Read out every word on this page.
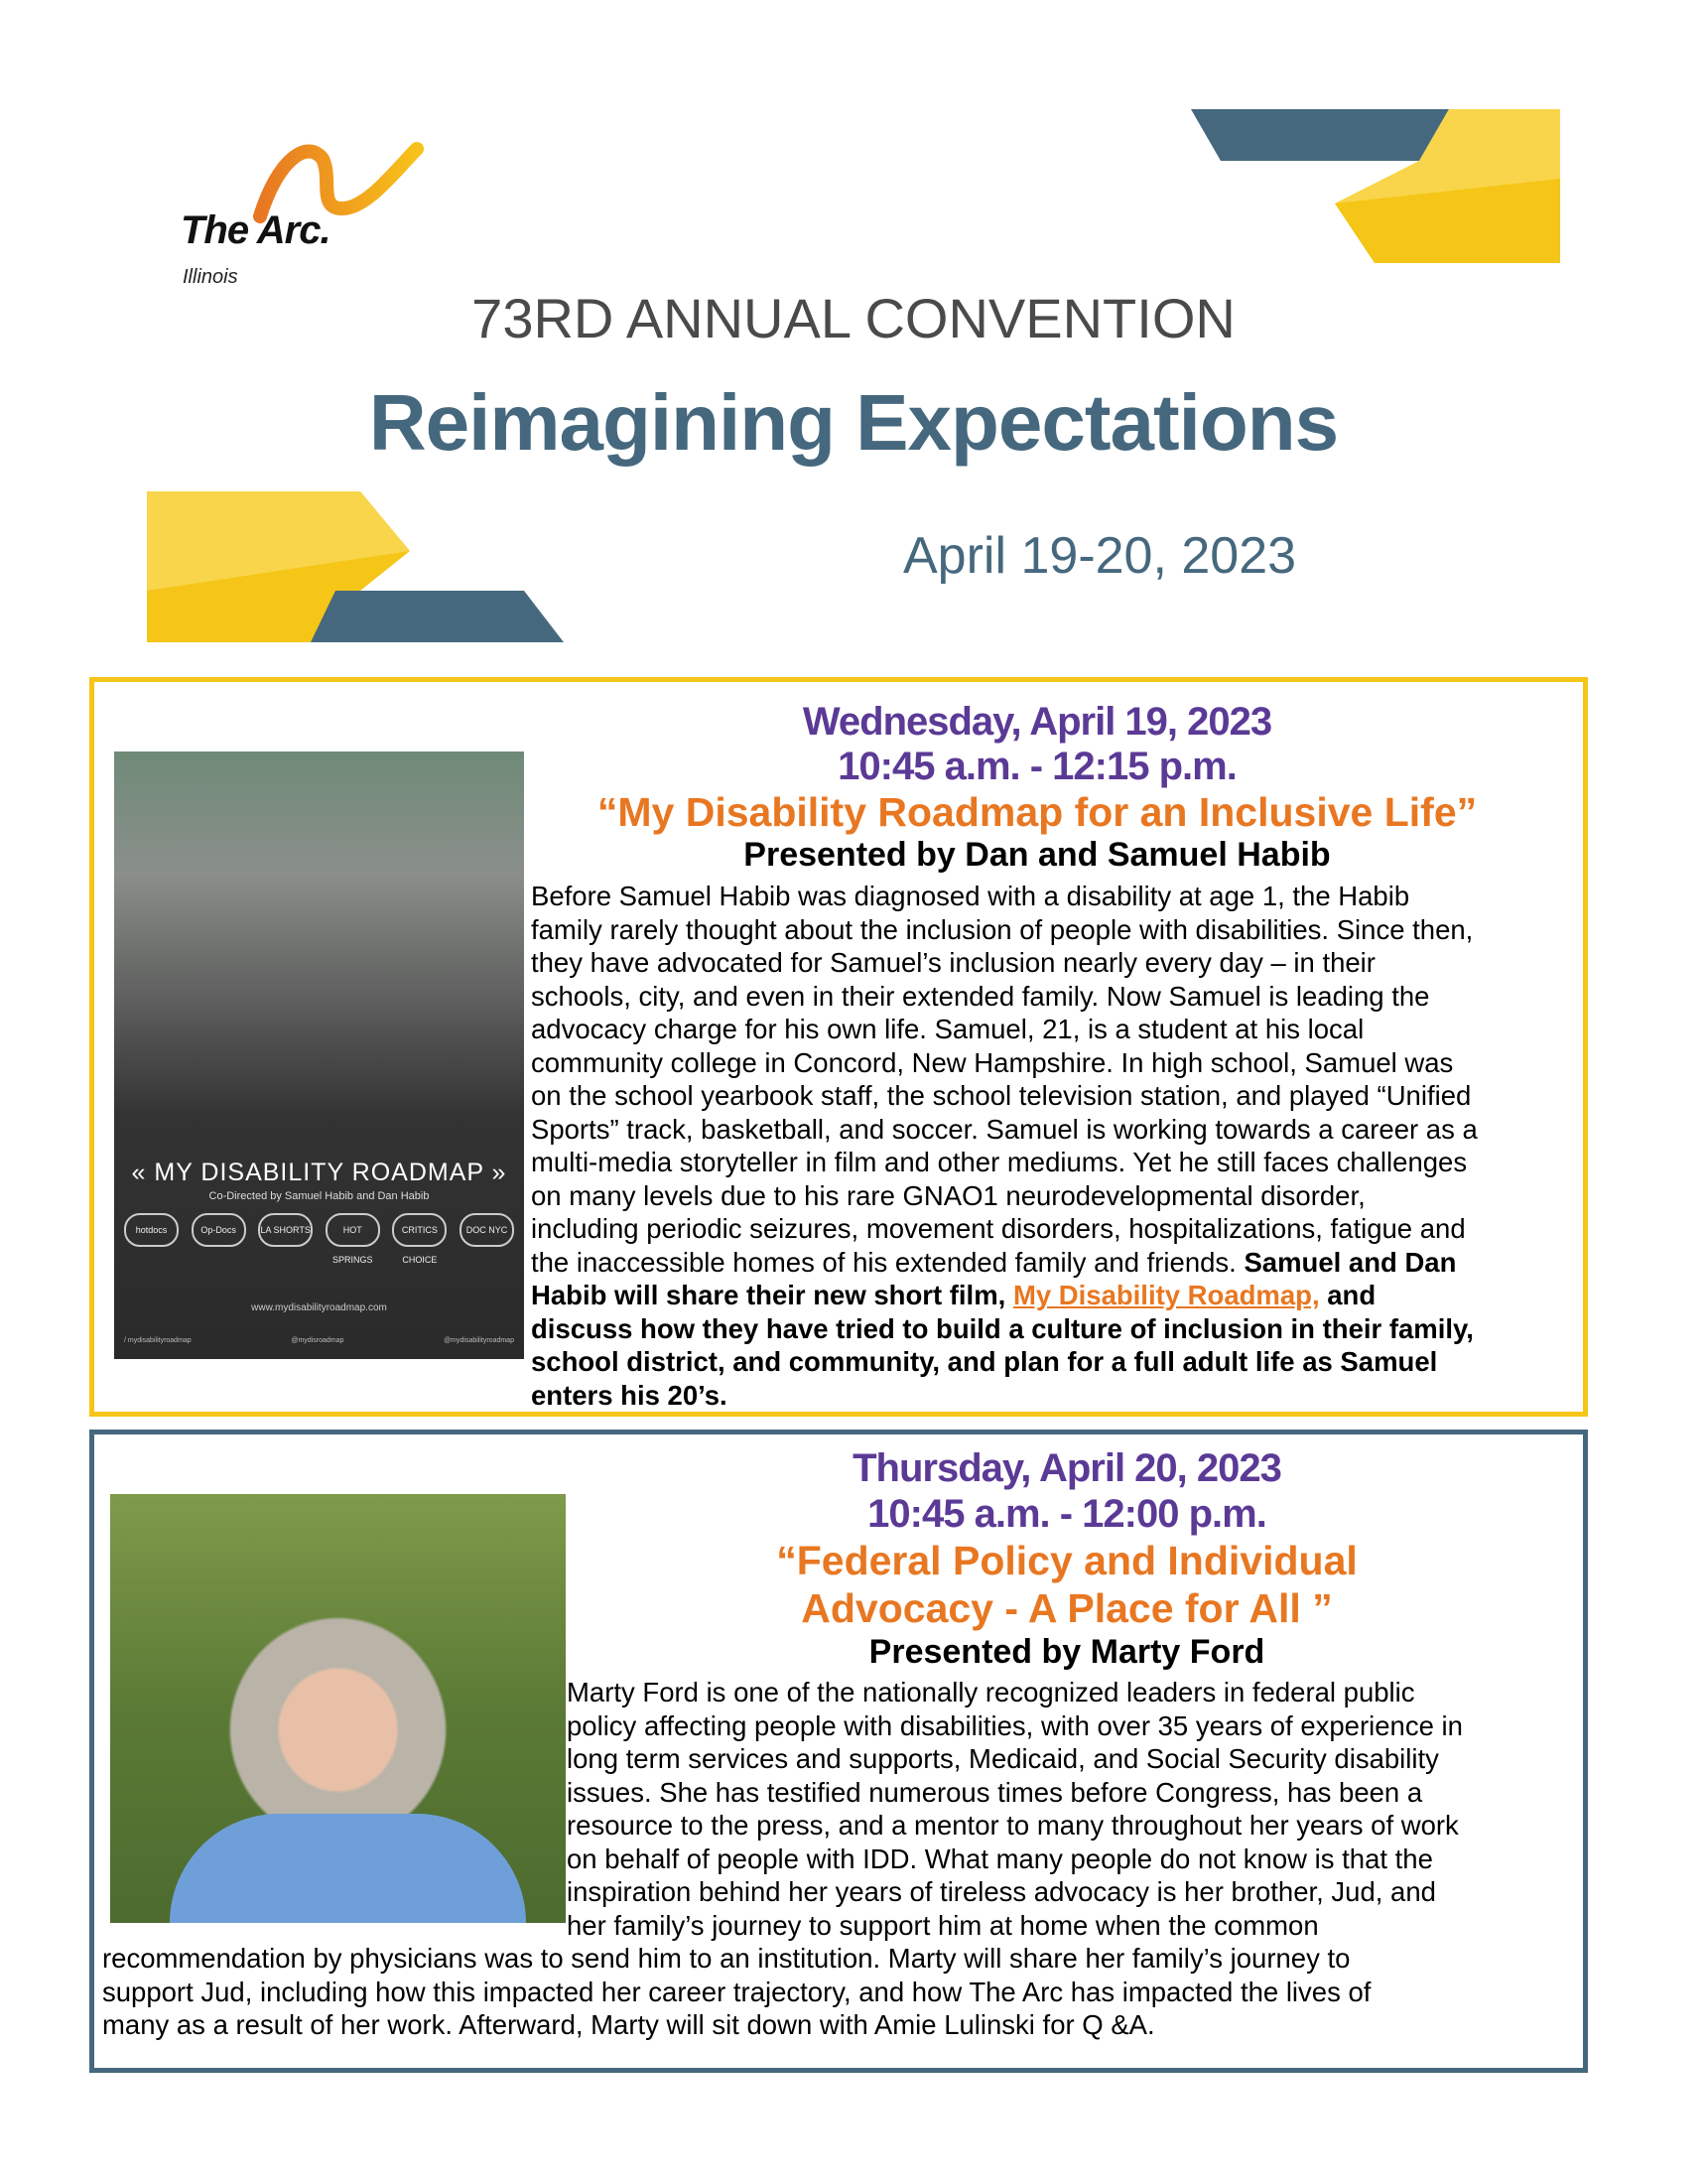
The Arc.
Illinois
73RD ANNUAL CONVENTION
Reimagining Expectations
April 19-20, 2023
« MY DISABILITY ROADMAP »
Co-Directed by Samuel Habib and Dan Habib
hotdocs	Op-Docs	LA SHORTS	HOT SPRINGS
CRITICS CHOICE
DOC NYC
www.mydisabilityroadmap.com
/ mydisabilityroadmap	@mydisroadmap	@mydisabilityroadmap
Wednesday, April 19, 2023
10:45 a.m. - 12:15 p.m.
“My Disability Roadmap for an Inclusive Life”
Presented by Dan and Samuel Habib
Before Samuel Habib was diagnosed with a disability at age 1, the Habib
family rarely thought about the inclusion of people with disabilities. Since then,
they have advocated for Samuel’s inclusion nearly every day – in their
schools, city, and even in their extended family. Now Samuel is leading the
advocacy charge for his own life. Samuel, 21, is a student at his local
community college in Concord, New Hampshire. In high school, Samuel was
on the school yearbook staff, the school television station, and played “Unified
Sports” track, basketball, and soccer. Samuel is working towards a career as a
multi-media storyteller in film and other mediums. Yet he still faces challenges
on many levels due to his rare GNAO1 neurodevelopmental disorder,
including periodic seizures, movement disorders, hospitalizations, fatigue and
the inaccessible homes of his extended family and friends. Samuel and Dan
Habib will share their new short film, My Disability Roadmap, and
discuss how they have tried to build a culture of inclusion in their family,
school district, and community, and plan for a full adult life as Samuel
enters his 20’s.
Thursday, April 20, 2023
10:45 a.m. - 12:00 p.m.
“Federal Policy and Individual
Advocacy - A Place for All ”
Presented by Marty Ford
Marty Ford is one of the nationally recognized leaders in federal public
policy affecting people with disabilities, with over 35 years of experience in
long term services and supports, Medicaid, and Social Security disability
issues. She has testified numerous times before Congress, has been a
resource to the press, and a mentor to many throughout her years of work
on behalf of people with IDD. What many people do not know is that the
inspiration behind her years of tireless advocacy is her brother, Jud, and
her family’s journey to support him at home when the common
recommendation by physicians was to send him to an institution. Marty will share her family’s journey to
support Jud, including how this impacted her career trajectory, and how The Arc has impacted the lives of
many as a result of her work. Afterward, Marty will sit down with Amie Lulinski for Q &A.
